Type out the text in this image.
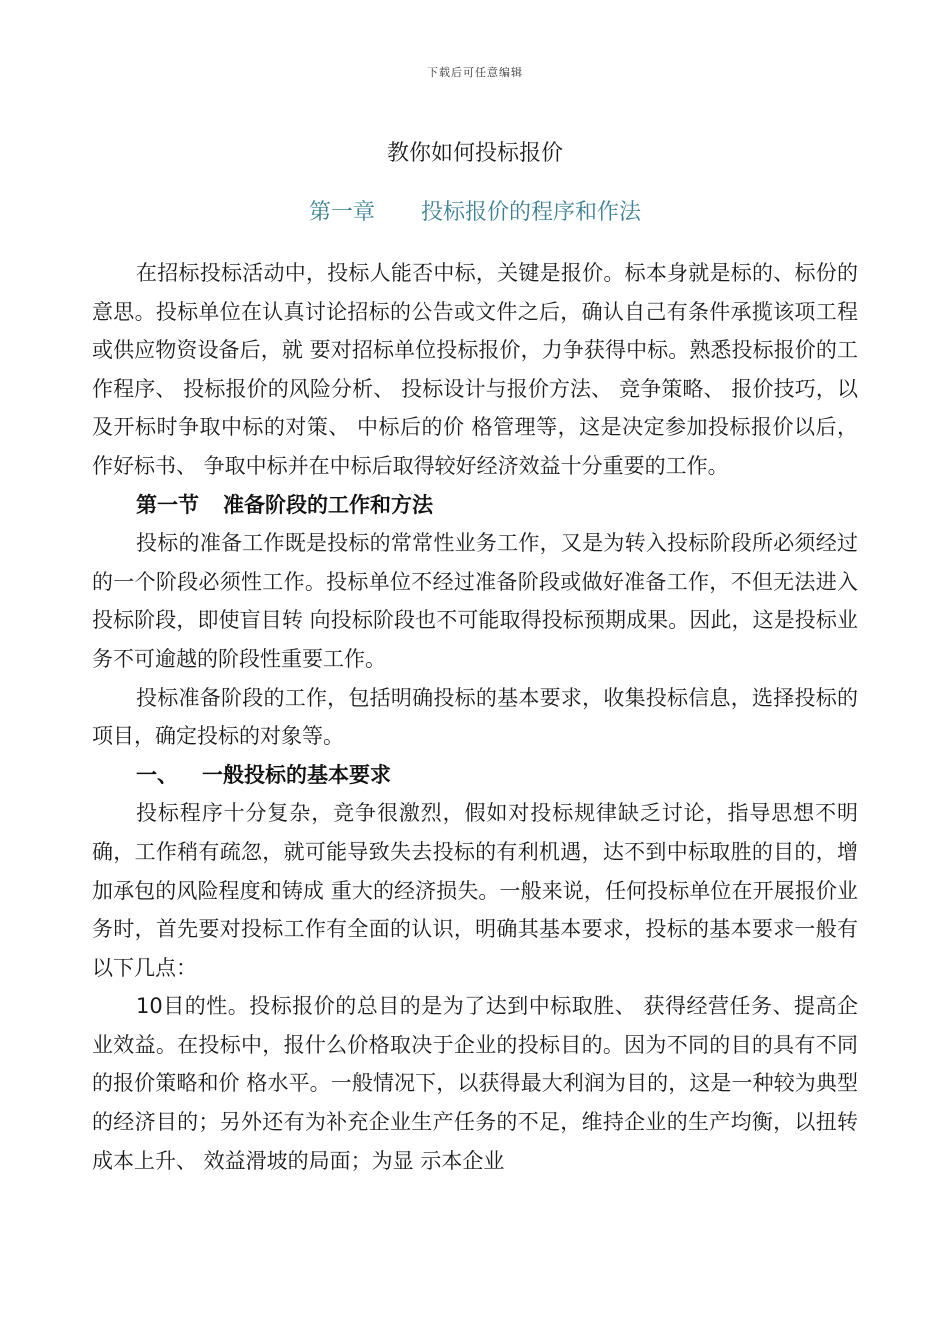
下载后可任意编辑
教你如何投标报价
第一章 投标报价的程序和作法

在招标投标活动中，投标人能否中标，关键是报价。标本身就是标的、标份的意思。投标单位在认真讨论招标的公告或文件之后，确认自己有条件承揽该项工程或供应物资设备后，就 要对招标单位投标报价，力争获得中标。熟悉投标报价的工作程序、 投标报价的风险分析、 投标设计与报价方法、 竞争策略、 报价技巧，以及开标时争取中标的对策、 中标后的价 格管理等，这是决定参加投标报价以后，作好标书、 争取中标并在中标后取得较好经济效益十分重要的工作。

第一节 准备阶段的工作和方法

投标的准备工作既是投标的常常性业务工作，又是为转入投标阶段所必须经过的一个阶段必须性工作。投标单位不经过准备阶段或做好准备工作，不但无法进入投标阶段，即使盲目转 向投标阶段也不可能取得投标预期成果。因此，这是投标业务不可逾越的阶段性重要工作。

投标准备阶段的工作，包括明确投标的基本要求，收集投标信息，选择投标的项目，确定投标的对象等。

一、 一般投标的基本要求

投标程序十分复杂，竞争很激烈，假如对投标规律缺乏讨论，指导思想不明确，工作稍有疏忽，就可能导致失去投标的有利机遇，达不到中标取胜的目的，增加承包的风险程度和铸成 重大的经济损失。一般来说，任何投标单位在开展报价业务时，首先要对投标工作有全面的认识，明确其基本要求，投标的基本要求一般有以下几点：

10目的性。投标报价的总目的是为了达到中标取胜、 获得经营任务、提高企业效益。在投标中，报什么价格取决于企业的投标目的。因为不同的目的具有不同的报价策略和价 格水平。一般情况下，以获得最大利润为目的，这是一种较为典型的经济目的；另外还有为补充企业生产任务的不足，维持企业的生产均衡，以扭转成本上升、 效益滑坡的局面；为显 示本企业
